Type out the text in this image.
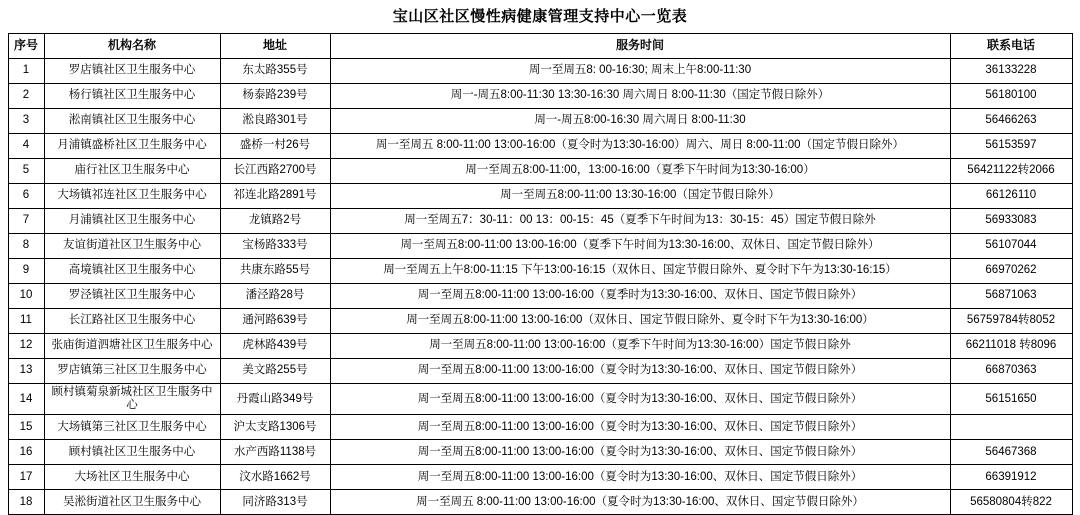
宝山区社区慢性病健康管理支持中心一览表
序号	机构名称	地址	服务时间	联系电话
1	罗店镇社区卫生服务中心	东太路355号	周一至周五8: 00-16:30; 周末上午8:00-11:30	36133228
2	杨行镇社区卫生服务中心	杨泰路239号	周一-周五8:00-11:30 13:30-16:30 周六周日 8:00-11:30（国定节假日除外）	56180100
3	淞南镇社区卫生服务中心	淞良路301号	周一-周五8:00-16:30 周六周日 8:00-11:30	56466263
4	月浦镇盛桥社区卫生服务中心	盛桥一村26号	周一至周五 8:00-11:00 13:00-16:00（夏令时为13:30-16:00）周六、周日 8:00-11:00（国定节假日除外）	56153597
5	庙行社区卫生服务中心	长江西路2700号	周一至周五8:00-11:00，13:00-16:00（夏季下午时间为13:30-16:00）	56421122转2066
6	大场镇祁连社区卫生服务中心	祁连北路2891号	周一至周五8:00-11:00 13:30-16:00（国定节假日除外）	66126110
7	月浦镇社区卫生服务中心	龙镇路2号	周一至周五7：30-11：00 13：00-15：45（夏季下午时间为13：30-15：45）国定节假日除外	56933083
8	友谊街道社区卫生服务中心	宝杨路333号	周一至周五8:00-11:00 13:00-16:00（夏季下午时间为13:30-16:00、双休日、国定节假日除外）	56107044
9	高境镇社区卫生服务中心	共康东路55号	周一至周五上午8:00-11:15 下午13:00-16:15（双休日、国定节假日除外、夏令时下午为13:30-16:15）	66970262
10	罗泾镇社区卫生服务中心	潘泾路28号	周一至周五8:00-11:00 13:00-16:00（夏季时为13:30-16:00、双休日、国定节假日除外）	56871063
11	长江路社区卫生服务中心	通河路639号	周一至周五8:00-11:00 13:00-16:00（双休日、国定节假日除外、夏令时下午为13:30-16:00）	56759784转8052
12	张庙街道泗塘社区卫生服务中心	虎林路439号	周一至周五8:00-11:00 13:00-16:00（夏季下午时间为13:30-16:00）国定节假日除外	66211018 转8096
13	罗店镇第三社区卫生服务中心	美文路255号	周一至周五8:00-11:00 13:00-16:00（夏令时为13:30-16:00、双休日、国定节假日除外）	66870363
14	顾村镇菊泉新城社区卫生服务中心	丹霞山路349号	周一至周五8:00-11:00 13:00-16:00（夏令时为13:30-16:00、双休日、国定节假日除外）	56151650
15	大场镇第三社区卫生服务中心	沪太支路1306号	周一至周五8:00-11:00 13:00-16:00（夏令时为13:30-16:00、双休日、国定节假日除外）	
16	顾村镇社区卫生服务中心	水产西路1138号	周一至周五8:00-11:00 13:00-16:00（夏令时为13:30-16:00、双休日、国定节假日除外）	56467368
17	大场社区卫生服务中心	汶水路1662号	周一至周五8:00-11:00 13:00-16:00（夏令时为13:30-16:00、双休日、国定节假日除外）	66391912
18	吴淞街道社区卫生服务中心	同济路313号	周一至周五 8:00-11:00 13:00-16:00（夏令时为13:30-16:00、双休日、国定节假日除外）	56580804转822
